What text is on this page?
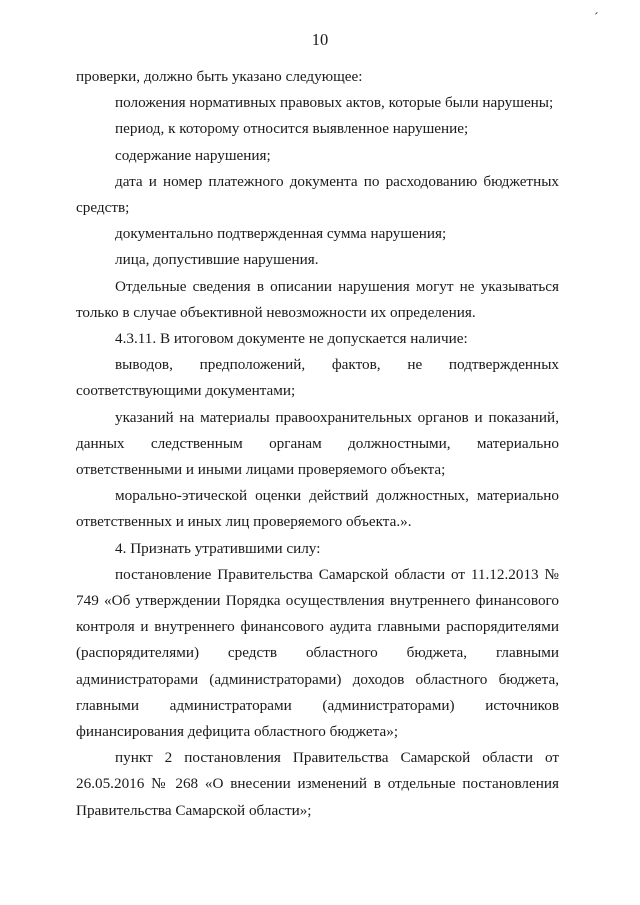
´
10

проверки, должно быть указано следующее:

положения нормативных правовых актов, которые были нарушены;

период, к которому относится выявленное нарушение;

содержание нарушения;

дата и номер платежного документа по расходованию бюджетных средств;

документально подтвержденная сумма нарушения;

лица, допустившие нарушения.

Отдельные сведения в описании нарушения могут не указываться только в случае объективной невозможности их определения.

4.3.11. В итоговом документе не допускается наличие:

выводов, предположений, фактов, не подтвержденных соответствующими документами;

указаний на материалы правоохранительных органов и показаний, данных следственным органам должностными, материально ответственными и иными лицами проверяемого объекта;

морально-этической оценки действий должностных, материально ответственных и иных лиц проверяемого объекта.».

4. Признать утратившими силу:

постановление Правительства Самарской области от 11.12.2013 № 749 «Об утверждении Порядка осуществления внутреннего финансового контроля и внутреннего финансового аудита главными распорядителями (распорядителями) средств областного бюджета, главными администраторами (администраторами) доходов областного бюджета, главными администраторами (администраторами) источников финансирования дефицита областного бюджета»;

пункт 2 постановления Правительства Самарской области от 26.05.2016 № 268 «О внесении изменений в отдельные постановления Правительства Самарской области»;
